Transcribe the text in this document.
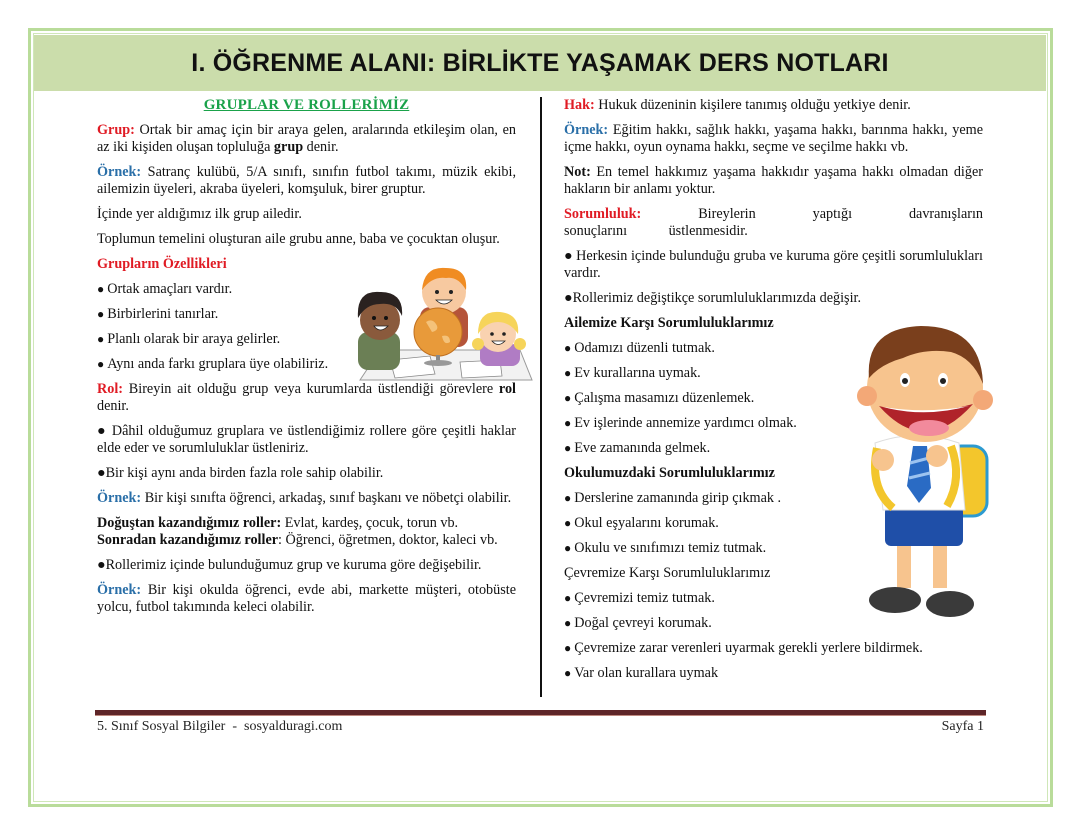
I. ÖĞRENME ALANI: BİRLİKTE YAŞAMAK DERS NOTLARI
GRUPLAR VE ROLLERİMİZ

Grup: Ortak bir amaç için bir araya gelen, aralarında etkileşim olan, en az iki kişiden oluşan topluluğa grup denir.

Örnek: Satranç kulübü, 5/A sınıfı, sınıfın futbol takımı, müzik ekibi, ailemizin üyeleri, akraba üyeleri, komşuluk, birer gruptur.

İçinde yer aldığımız ilk grup ailedir.

Toplumun temelini oluşturan aile grubu anne, baba ve çocuktan oluşur.

Grupların Özellikleri

● Ortak amaçları vardır.

● Birbirlerini tanırlar.

● Planlı olarak bir araya gelirler.

● Aynı anda farkı gruplara üye olabiliriz.

Rol: Bireyin ait olduğu grup veya kurumlarda üstlendiği görevlere rol denir.

● Dâhil olduğumuz gruplara ve üstlendiğimiz rollere göre çeşitli haklar elde eder ve sorumluluklar üstleniriz.

●Bir kişi aynı anda birden fazla role sahip olabilir.

Örnek: Bir kişi sınıfta öğrenci, arkadaş, sınıf başkanı ve nöbetçi olabilir.

Doğuştan kazandığımız roller: Evlat, kardeş, çocuk, torun vb.
Sonradan kazandığımız roller: Öğrenci, öğretmen, doktor, kaleci vb.

●Rollerimiz içinde bulunduğumuz grup ve kuruma göre değişebilir.

Örnek: Bir kişi okulda öğrenci, evde abi, markette müşteri, otobüste yolcu, futbol takımında keleci olabilir.

Hak: Hukuk düzeninin kişilere tanımış olduğu yetkiye denir.

Örnek: Eğitim hakkı, sağlık hakkı, yaşama hakkı, barınma hakkı, yeme içme hakkı, oyun oynama hakkı, seçme ve seçilme hakkı vb.

Not: En temel hakkımız yaşama hakkıdır yaşama hakkı olmadan diğer hakların bir anlamı yoktur.

Sorumluluk: Bireylerin yaptığı davranışların sonuçlarını üstlenmesidir.

● Herkesin içinde bulunduğu gruba ve kuruma göre çeşitli sorumlulukları vardır.

●Rollerimiz değiştikçe sorumluluklarımızda değişir.

Ailemize Karşı Sorumluluklarımız

● Odamızı düzenli tutmak.

● Ev kurallarına uymak.

● Çalışma masamızı düzenlemek.

● Ev işlerinde annemize yardımcı olmak.

● Eve zamanında gelmek.

Okulumuzdaki Sorumluluklarımız

● Derslerine zamanında girip çıkmak .

● Okul eşyalarını korumak.

● Okulu ve sınıfımızı temiz tutmak.

Çevremize Karşı Sorumluluklarımız

● Çevremizi temiz tutmak.

● Doğal çevreyi korumak.

● Çevremize zarar verenleri uyarmak gerekli yerlere bildirmek.

● Var olan kurallara uymak

5. Sınıf Sosyal Bilgiler  -  sosyalduragi.com	Sayfa 1
